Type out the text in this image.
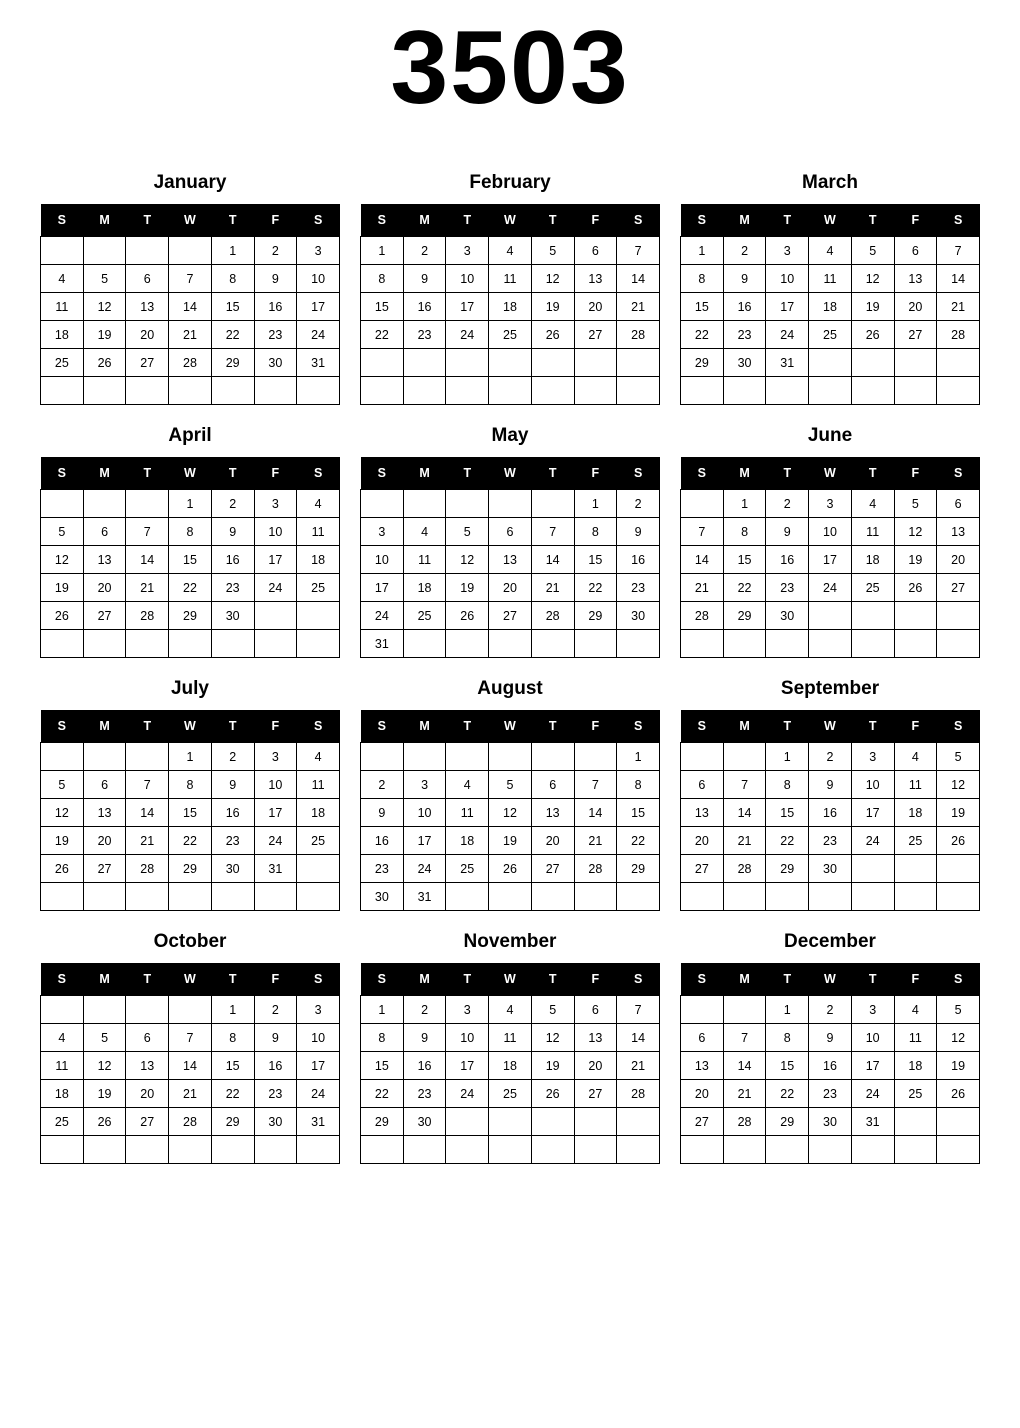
3503
January
S	M	T	W	T	F	S
				1	2	3
4	5	6	7	8	9	10
11	12	13	14	15	16	17
18	19	20	21	22	23	24
25	26	27	28	29	30	31

February
S	M	T	W	T	F	S
1	2	3	4	5	6	7
8	9	10	11	12	13	14
15	16	17	18	19	20	21
22	23	24	25	26	27	28

March
S	M	T	W	T	F	S
1	2	3	4	5	6	7
8	9	10	11	12	13	14
15	16	17	18	19	20	21
22	23	24	25	26	27	28
29	30	31				

April
S	M	T	W	T	F	S
			1	2	3	4
5	6	7	8	9	10	11
12	13	14	15	16	17	18
19	20	21	22	23	24	25
26	27	28	29	30		

May
S	M	T	W	T	F	S
					1	2
3	4	5	6	7	8	9
10	11	12	13	14	15	16
17	18	19	20	21	22	23
24	25	26	27	28	29	30
31						
June
S	M	T	W	T	F	S
	1	2	3	4	5	6
7	8	9	10	11	12	13
14	15	16	17	18	19	20
21	22	23	24	25	26	27
28	29	30				

July
S	M	T	W	T	F	S
			1	2	3	4
5	6	7	8	9	10	11
12	13	14	15	16	17	18
19	20	21	22	23	24	25
26	27	28	29	30	31	

August
S	M	T	W	T	F	S
						1
2	3	4	5	6	7	8
9	10	11	12	13	14	15
16	17	18	19	20	21	22
23	24	25	26	27	28	29
30	31					
September
S	M	T	W	T	F	S
		1	2	3	4	5
6	7	8	9	10	11	12
13	14	15	16	17	18	19
20	21	22	23	24	25	26
27	28	29	30			

October
S	M	T	W	T	F	S
				1	2	3
4	5	6	7	8	9	10
11	12	13	14	15	16	17
18	19	20	21	22	23	24
25	26	27	28	29	30	31

November
S	M	T	W	T	F	S
1	2	3	4	5	6	7
8	9	10	11	12	13	14
15	16	17	18	19	20	21
22	23	24	25	26	27	28
29	30					

December
S	M	T	W	T	F	S
		1	2	3	4	5
6	7	8	9	10	11	12
13	14	15	16	17	18	19
20	21	22	23	24	25	26
27	28	29	30	31		
